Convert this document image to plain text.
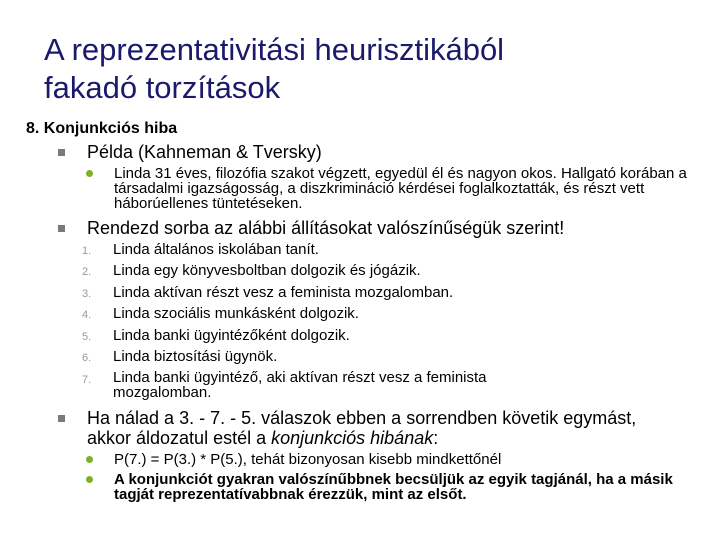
A reprezentativitási heurisztikából
fakadó torzítások
8. Konjunkciós hiba
Példa (Kahneman & Tversky)
Linda 31 éves, filozófia szakot végzett, egyedül él és nagyon okos. Hallgató korában a társadalmi igazságosság, a diszkrimináció kérdései foglalkoztatták, és részt vett háborúellenes tüntetéseken.
Rendezd sorba az alábbi állításokat valószínűségük szerint!
1. Linda általános iskolában tanít.
2. Linda egy könyvesboltban dolgozik és jógázik.
3. Linda aktívan részt vesz a feminista mozgalomban.
4. Linda szociális munkásként dolgozik.
5. Linda banki ügyintézőként dolgozik.
6. Linda biztosítási ügynök.
7. Linda banki ügyintéző, aki aktívan részt vesz a feminista mozgalomban.
Ha nálad a 3. - 7. - 5. válaszok ebben a sorrendben követik egymást, akkor áldozatul estél a konjunkciós hibának:
P(7.) = P(3.) * P(5.), tehát bizonyosan kisebb mindkettőnél
A konjunkciót gyakran valószínűbbnek becsüljük az egyik tagjánál, ha a másik tagját reprezentatívabbnak érezzük, mint az elsőt.
